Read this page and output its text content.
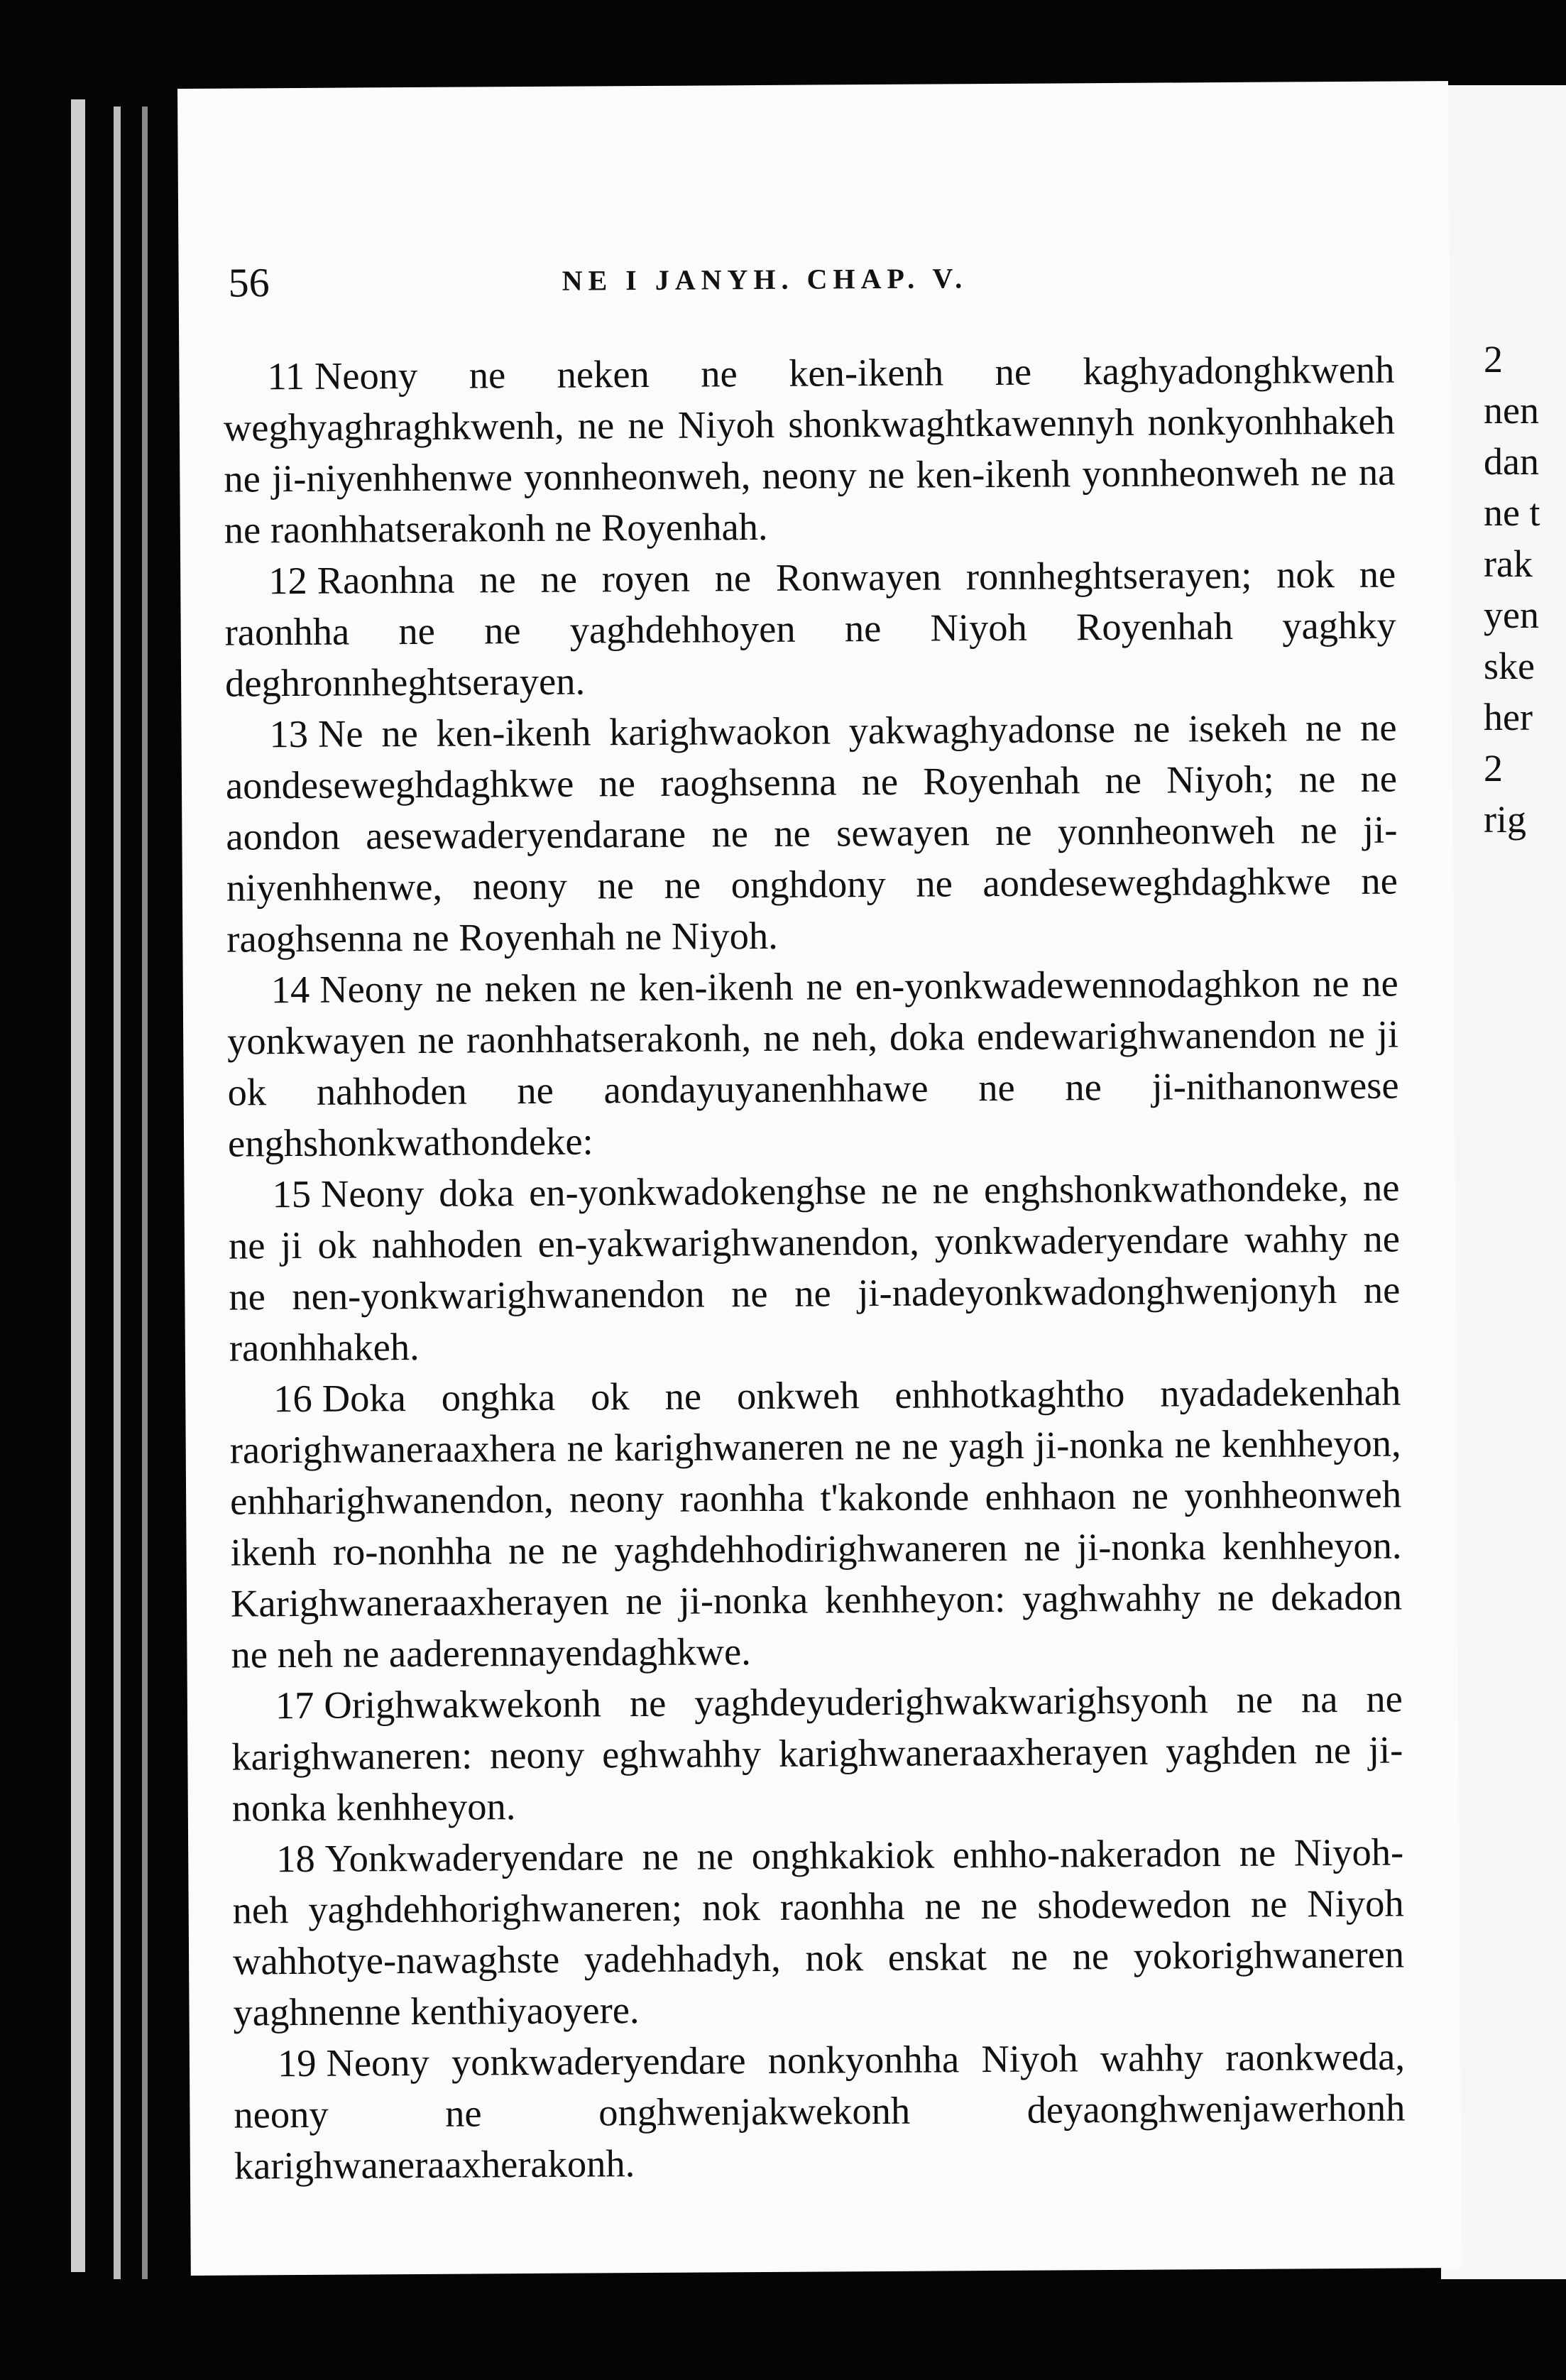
2
nen
dan
ne t
rak
yen
ske
her
2
rig
56	NE I JANYH. CHAP. V.

11 Neony ne neken ne ken-ikenh ne kaghyadonghkwenh weghyaghraghkwenh, ne ne Niyoh shonkwaghtkawennyh nonkyonhhakeh ne ji-niyenhhenwe yonnheonweh, neony ne ken-ikenh yonnheonweh ne na ne raonhhatserakonh ne Royenhah.

12 Raonhna ne ne royen ne Ronwayen ronnheghtserayen; nok ne raonhha ne ne yaghdehhoyen ne Niyoh Royenhah yaghky deghronnheghtserayen.

13 Ne ne ken-ikenh karighwaokon yakwaghyadonse ne isekeh ne ne aondeseweghdaghkwe ne raoghsenna ne Royenhah ne Niyoh; ne ne aondon aesewaderyendarane ne ne sewayen ne yonnheonweh ne ji-niyenhhenwe, neony ne ne onghdony ne aondeseweghdaghkwe ne raoghsenna ne Royenhah ne Niyoh.

14 Neony ne neken ne ken-ikenh ne en-yonkwadewennodaghkon ne ne yonkwayen ne raonhhatserakonh, ne neh, doka endewarighwanendon ne ji ok nahhoden ne aondayuyanenhhawe ne ne ji-nithanonwese enghshonkwathondeke:

15 Neony doka en-yonkwadokenghse ne ne enghshonkwathondeke, ne ne ji ok nahhoden en-yakwarighwanendon, yonkwaderyendare wahhy ne ne nen-yonkwarighwanendon ne ne ji-nadeyonkwadonghwenjonyh ne raonhhakeh.

16 Doka onghka ok ne onkweh enhhotkaghtho nyadadekenhah raorighwaneraaxhera ne karighwaneren ne ne yagh ji-nonka ne kenhheyon, enhharighwanendon, neony raonhha t'kakonde enhhaon ne yonhheonweh ikenh ro-nonhha ne ne yaghdehhodirighwaneren ne ji-nonka kenhheyon. Karighwaneraaxherayen ne ji-nonka kenhheyon: yaghwahhy ne dekadon ne neh ne aaderennayendaghkwe.

17 Orighwakwekonh ne yaghdeyuderighwakwarighsyonh ne na ne karighwaneren: neony eghwahhy karighwaneraaxherayen yaghden ne ji-nonka kenhheyon.

18 Yonkwaderyendare ne ne onghkakiok enhho-nakeradon ne Niyoh-neh yaghdehhorighwaneren; nok raonhha ne ne shodewedon ne Niyoh wahhotye-nawaghste yadehhadyh, nok enskat ne ne yokorighwaneren yaghnenne kenthiyaoyere.

19 Neony yonkwaderyendare nonkyonhha Niyoh wahhy raonkweda, neony ne onghwenjakwekonh deyaonghwenjawerhonh karighwaneraaxherakonh.
